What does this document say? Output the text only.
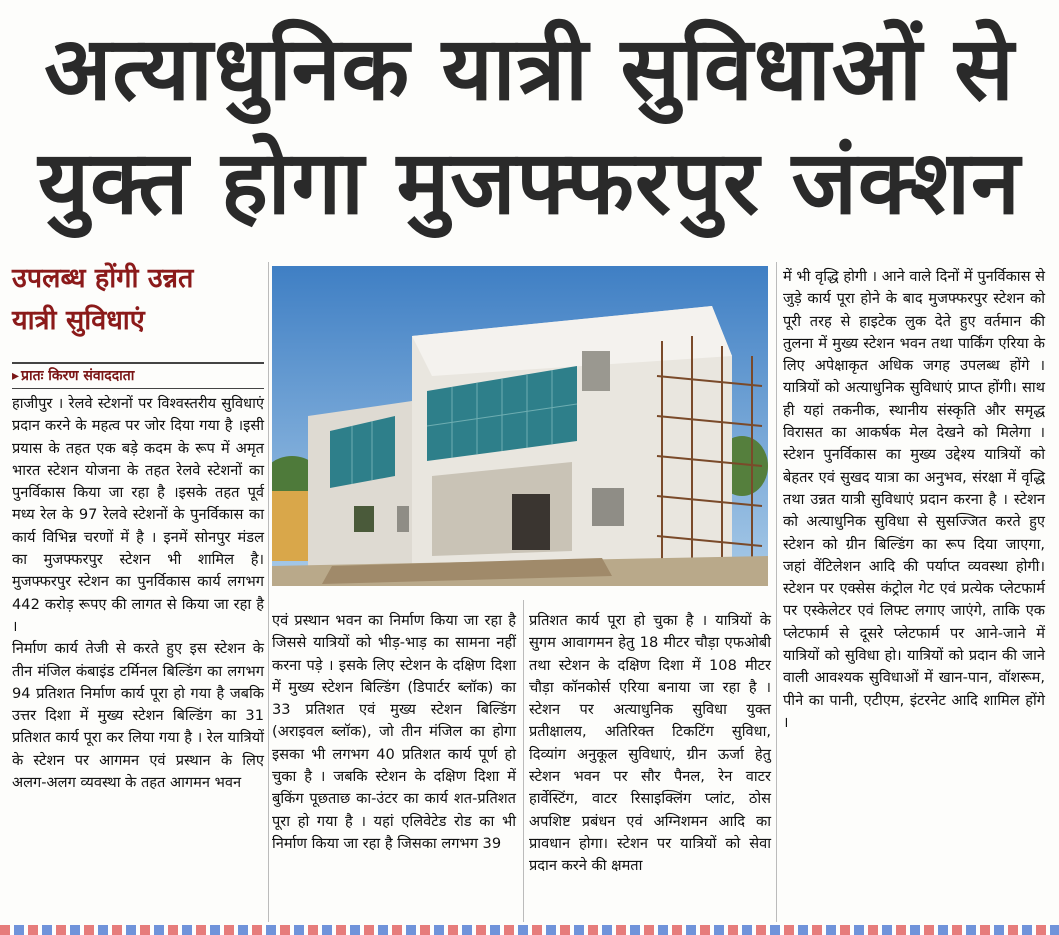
अत्याधुनिक यात्री सुविधाओं से
युक्त होगा मुजफ्फरपुर जंक्शन
उपलब्ध होंगी उन्नत
यात्री सुविधाएं
▸ प्रातः किरण संवाददाता

हाजीपुर । रेलवे स्टेशनों पर विश्वस्तरीय सुविधाएं प्रदान करने के महत्व पर जोर दिया गया है ।इसी प्रयास के तहत एक बड़े कदम के रूप में अमृत भारत स्टेशन योजना के तहत रेलवे स्टेशनों का पुनर्विकास किया जा रहा है ।इसके तहत पूर्व मध्य रेल के 97 रेलवे स्टेशनों के पुनर्विकास का कार्य विभिन्न चरणों में है । इनमें सोनपुर मंडल का मुजफ्फरपुर स्टेशन भी शामिल है। मुजफ्फरपुर स्टेशन का पुनर्विकास कार्य लगभग 442 करोड़ रूपए की लागत से किया जा रहा है ।

निर्माण कार्य तेजी से करते हुए इस स्टेशन के तीन मंजिल कंबाइंड टर्मिनल बिल्डिंग का लगभग 94 प्रतिशत निर्माण कार्य पूरा हो गया है जबकि उत्तर दिशा में मुख्य स्टेशन बिल्डिंग का 31 प्रतिशत कार्य पूरा कर लिया गया है । रेल यात्रियों के स्टेशन पर आगमन एवं प्रस्थान के लिए अलग-अलग व्यवस्था के तहत आगमन भवन

एवं प्रस्थान भवन का निर्माण किया जा रहा है जिससे यात्रियों को भीड़-भाड़ का सामना नहीं करना पड़े । इसके लिए स्टेशन के दक्षिण दिशा में मुख्य स्टेशन बिल्डिंग (डिपार्टर ब्लॉक) का 33 प्रतिशत एवं मुख्य स्टेशन बिल्डिंग (अराइवल ब्लॉक), जो तीन मंजिल का होगा इसका भी लगभग 40 प्रतिशत कार्य पूर्ण हो चुका है । जबकि स्टेशन के दक्षिण दिशा में बुकिंग पूछताछ का-उंटर का कार्य शत-प्रतिशत पूरा हो गया है । यहां एलिवेटेड रोड का भी निर्माण किया जा रहा है जिसका लगभग 39

प्रतिशत कार्य पूरा हो चुका है । यात्रियों के सुगम आवागमन हेतु 18 मीटर चौड़ा एफओबी तथा स्टेशन के दक्षिण दिशा में 108 मीटर चौड़ा कॉनकोर्स एरिया बनाया जा रहा है । स्टेशन पर अत्याधुनिक सुविधा युक्त प्रतीक्षालय, अतिरिक्त टिकटिंग सुविधा, दिव्यांग अनुकूल सुविधाएं, ग्रीन ऊर्जा हेतु स्टेशन भवन पर सौर पैनल, रेन वाटर हार्वेस्टिंग, वाटर रिसाइक्लिंग प्लांट, ठोस अपशिष्ट प्रबंधन एवं अग्निशमन आदि का प्रावधान होगा। स्टेशन पर यात्रियों को सेवा प्रदान करने की क्षमता

में भी वृद्धि होगी । आने वाले दिनों में पुनर्विकास से जुड़े कार्य पूरा होने के बाद मुजफ्फरपुर स्टेशन को पूरी तरह से हाइटेक लुक देते हुए वर्तमान की तुलना में मुख्य स्टेशन भवन तथा पार्किंग एरिया के लिए अपेक्षाकृत अधिक जगह उपलब्ध होंगे । यात्रियों को अत्याधुनिक सुविधाएं प्राप्त होंगी। साथ ही यहां तकनीक, स्थानीय संस्कृति और समृद्ध विरासत का आकर्षक मेल देखने को मिलेगा । स्टेशन पुनर्विकास का मुख्य उद्देश्य यात्रियों को बेहतर एवं सुखद यात्रा का अनुभव, संरक्षा में वृद्धि तथा उन्नत यात्री सुविधाएं प्रदान करना है । स्टेशन को अत्याधुनिक सुविधा से सुसज्जित करते हुए स्टेशन को ग्रीन बिल्डिंग का रूप दिया जाएगा, जहां वेंटिलेशन आदि की पर्याप्त व्यवस्था होगी। स्टेशन पर एक्सेस कंट्रोल गेट एवं प्रत्येक प्लेटफार्म पर एस्केलेटर एवं लिफ्ट लगाए जाएंगे, ताकि एक प्लेटफार्म से दूसरे प्लेटफार्म पर आने-जाने में यात्रियों को सुविधा हो। यात्रियों को प्रदान की जाने वाली आवश्यक सुविधाओं में खान-पान, वॉशरूम, पीने का पानी, एटीएम, इंटरनेट आदि शामिल होंगे ।
